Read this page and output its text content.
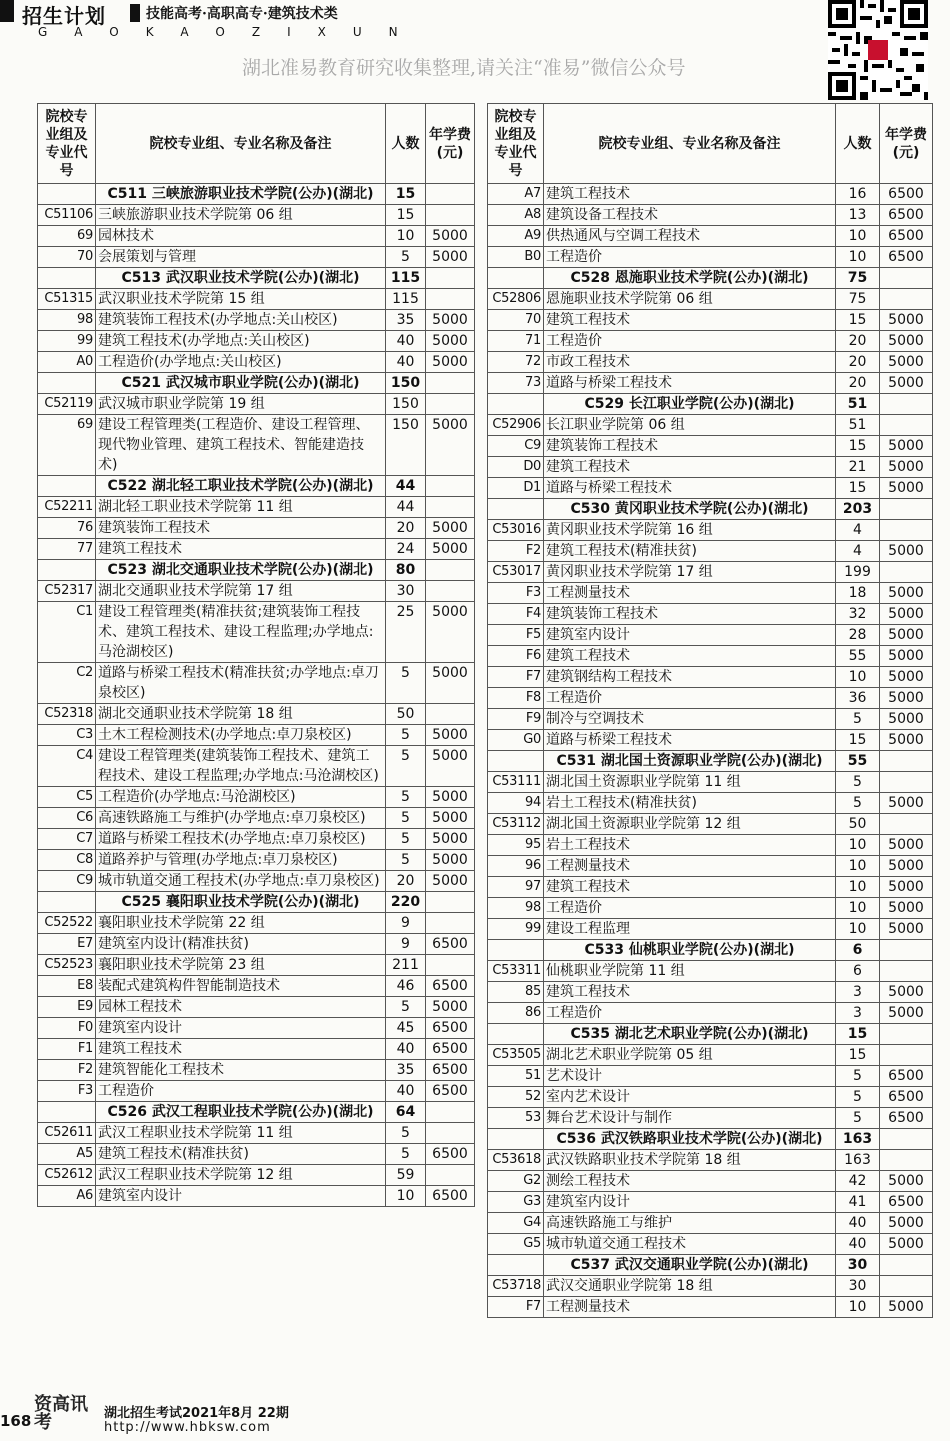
招生计划	技能高考·高职高专·建筑技术类
GAOKAOZIXUN
湖北准易教育研究收集整理,请关注“准易”微信公众号
院校专业组及专业代号	院校专业组、专业名称及备注	人数	年学费(元)
	C511 三峡旅游职业技术学院(公办)(湖北)	15	
C51106	三峡旅游职业技术学院第 06 组	15	
69	园林技术	10	5000
70	会展策划与管理	5	5000
	C513 武汉职业技术学院(公办)(湖北)	115	
C51315	武汉职业技术学院第 15 组	115	
98	建筑装饰工程技术(办学地点:关山校区)	35	5000
99	建筑工程技术(办学地点:关山校区)	40	5000
A0	工程造价(办学地点:关山校区)	40	5000
	C521 武汉城市职业学院(公办)(湖北)	150	
C52119	武汉城市职业学院第 19 组	150	
69	建设工程管理类(工程造价、建设工程管理、现代物业管理、建筑工程技术、智能建造技术)	150	5000
	C522 湖北轻工职业技术学院(公办)(湖北)	44	
C52211	湖北轻工职业技术学院第 11 组	44	
76	建筑装饰工程技术	20	5000
77	建筑工程技术	24	5000
	C523 湖北交通职业技术学院(公办)(湖北)	80	
C52317	湖北交通职业技术学院第 17 组	30	
C1	建设工程管理类(精准扶贫;建筑装饰工程技术、建筑工程技术、建设工程监理;办学地点:马沧湖校区)	25	5000
C2	道路与桥梁工程技术(精准扶贫;办学地点:卓刀泉校区)	5	5000
C52318	湖北交通职业技术学院第 18 组	50	
C3	土木工程检测技术(办学地点:卓刀泉校区)	5	5000
C4	建设工程管理类(建筑装饰工程技术、建筑工程技术、建设工程监理;办学地点:马沧湖校区)	5	5000
C5	工程造价(办学地点:马沧湖校区)	5	5000
C6	高速铁路施工与维护(办学地点:卓刀泉校区)	5	5000
C7	道路与桥梁工程技术(办学地点:卓刀泉校区)	5	5000
C8	道路养护与管理(办学地点:卓刀泉校区)	5	5000
C9	城市轨道交通工程技术(办学地点:卓刀泉校区)	20	5000
	C525 襄阳职业技术学院(公办)(湖北)	220	
C52522	襄阳职业技术学院第 22 组	9	
E7	建筑室内设计(精准扶贫)	9	6500
C52523	襄阳职业技术学院第 23 组	211	
E8	装配式建筑构件智能制造技术	46	6500
E9	园林工程技术	5	5000
F0	建筑室内设计	45	6500
F1	建筑工程技术	40	6500
F2	建筑智能化工程技术	35	6500
F3	工程造价	40	6500
	C526 武汉工程职业技术学院(公办)(湖北)	64	
C52611	武汉工程职业技术学院第 11 组	5	
A5	建筑工程技术(精准扶贫)	5	6500
C52612	武汉工程职业技术学院第 12 组	59	
A6	建筑室内设计	10	6500
院校专业组及专业代号	院校专业组、专业名称及备注	人数	年学费(元)
A7	建筑工程技术	16	6500
A8	建筑设备工程技术	13	6500
A9	供热通风与空调工程技术	10	6500
B0	工程造价	10	6500
	C528 恩施职业技术学院(公办)(湖北)	75	
C52806	恩施职业技术学院第 06 组	75	
70	建筑工程技术	15	5000
71	工程造价	20	5000
72	市政工程技术	20	5000
73	道路与桥梁工程技术	20	5000
	C529 长江职业学院(公办)(湖北)	51	
C52906	长江职业学院第 06 组	51	
C9	建筑装饰工程技术	15	5000
D0	建筑工程技术	21	5000
D1	道路与桥梁工程技术	15	5000
	C530 黄冈职业技术学院(公办)(湖北)	203	
C53016	黄冈职业技术学院第 16 组	4	
F2	建筑工程技术(精准扶贫)	4	5000
C53017	黄冈职业技术学院第 17 组	199	
F3	工程测量技术	18	5000
F4	建筑装饰工程技术	32	5000
F5	建筑室内设计	28	5000
F6	建筑工程技术	55	5000
F7	建筑钢结构工程技术	10	5000
F8	工程造价	36	5000
F9	制冷与空调技术	5	5000
G0	道路与桥梁工程技术	15	5000
	C531 湖北国土资源职业学院(公办)(湖北)	55	
C53111	湖北国土资源职业学院第 11 组	5	
94	岩土工程技术(精准扶贫)	5	5000
C53112	湖北国土资源职业学院第 12 组	50	
95	岩土工程技术	10	5000
96	工程测量技术	10	5000
97	建筑工程技术	10	5000
98	工程造价	10	5000
99	建设工程监理	10	5000
	C533 仙桃职业学院(公办)(湖北)	6	
C53311	仙桃职业学院第 11 组	6	
85	建筑工程技术	3	5000
86	工程造价	3	5000
	C535 湖北艺术职业学院(公办)(湖北)	15	
C53505	湖北艺术职业学院第 05 组	15	
51	艺术设计	5	6500
52	室内艺术设计	5	6500
53	舞台艺术设计与制作	5	6500
	C536 武汉铁路职业技术学院(公办)(湖北)	163	
C53618	武汉铁路职业技术学院第 18 组	163	
G2	测绘工程技术	42	5000
G3	建筑室内设计	41	6500
G4	高速铁路施工与维护	40	5000
G5	城市轨道交通工程技术	40	5000
	C537 武汉交通职业学院(公办)(湖北)	30	
C53718	武汉交通职业学院第 18 组	30	
F7	工程测量技术	10	5000
168
资高讯考	湖北招生考试2021年8月 22期
http://www.hbksw.com
